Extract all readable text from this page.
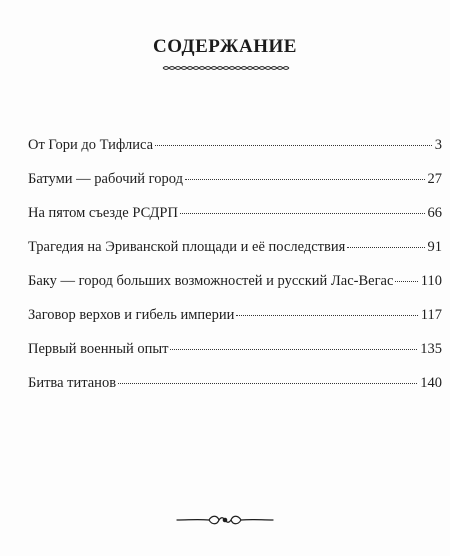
СОДЕРЖАНИЕ
От Гори до Тифлиса	3
Батуми — рабочий город	27
На пятом съезде РСДРП	66
Трагедия на Эриванской площади и её последствия	91
Баку — город больших возможностей и русский Лас-Вегас 110
Заговор верхов и гибель империи	117
Первый военный опыт	135
Битва титанов	140
